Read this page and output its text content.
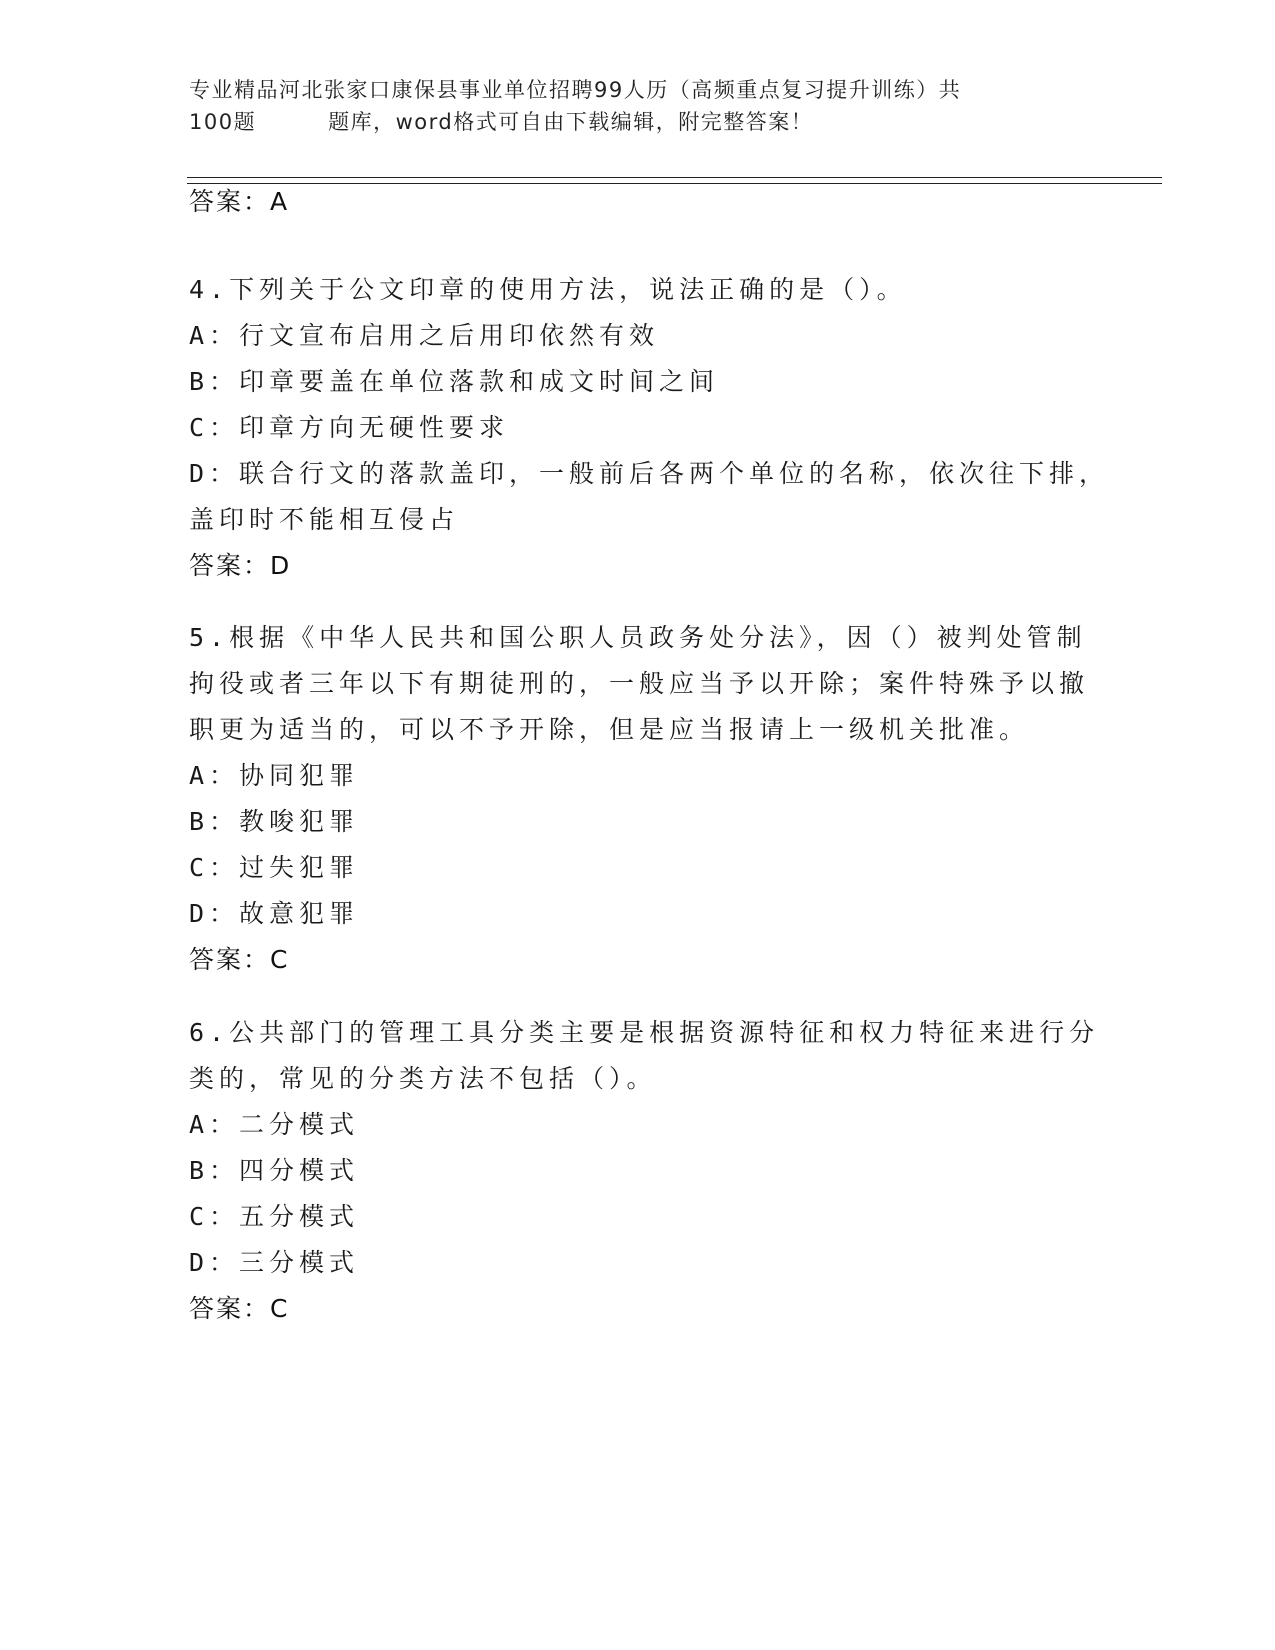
专业精品河北张家口康保县事业单位招聘99人历（高频重点复习提升训练）共
100题	题库，word格式可自由下载编辑，附完整答案！
答案：A
4.下列关于公文印章的使用方法，说法正确的是（）。
A：行文宣布启用之后用印依然有效
B：印章要盖在单位落款和成文时间之间
C：印章方向无硬性要求
D：联合行文的落款盖印，一般前后各两个单位的名称，依次往下排，
盖印时不能相互侵占
答案：D
5.根据《中华人民共和国公职人员政务处分法》，因（）被判处管制
拘役或者三年以下有期徒刑的，一般应当予以开除；案件特殊予以撤
职更为适当的，可以不予开除，但是应当报请上一级机关批准。
A：协同犯罪
B：教唆犯罪
C：过失犯罪
D：故意犯罪
答案：C
6.公共部门的管理工具分类主要是根据资源特征和权力特征来进行分
类的，常见的分类方法不包括（）。
A：二分模式
B：四分模式
C：五分模式
D：三分模式
答案：C
